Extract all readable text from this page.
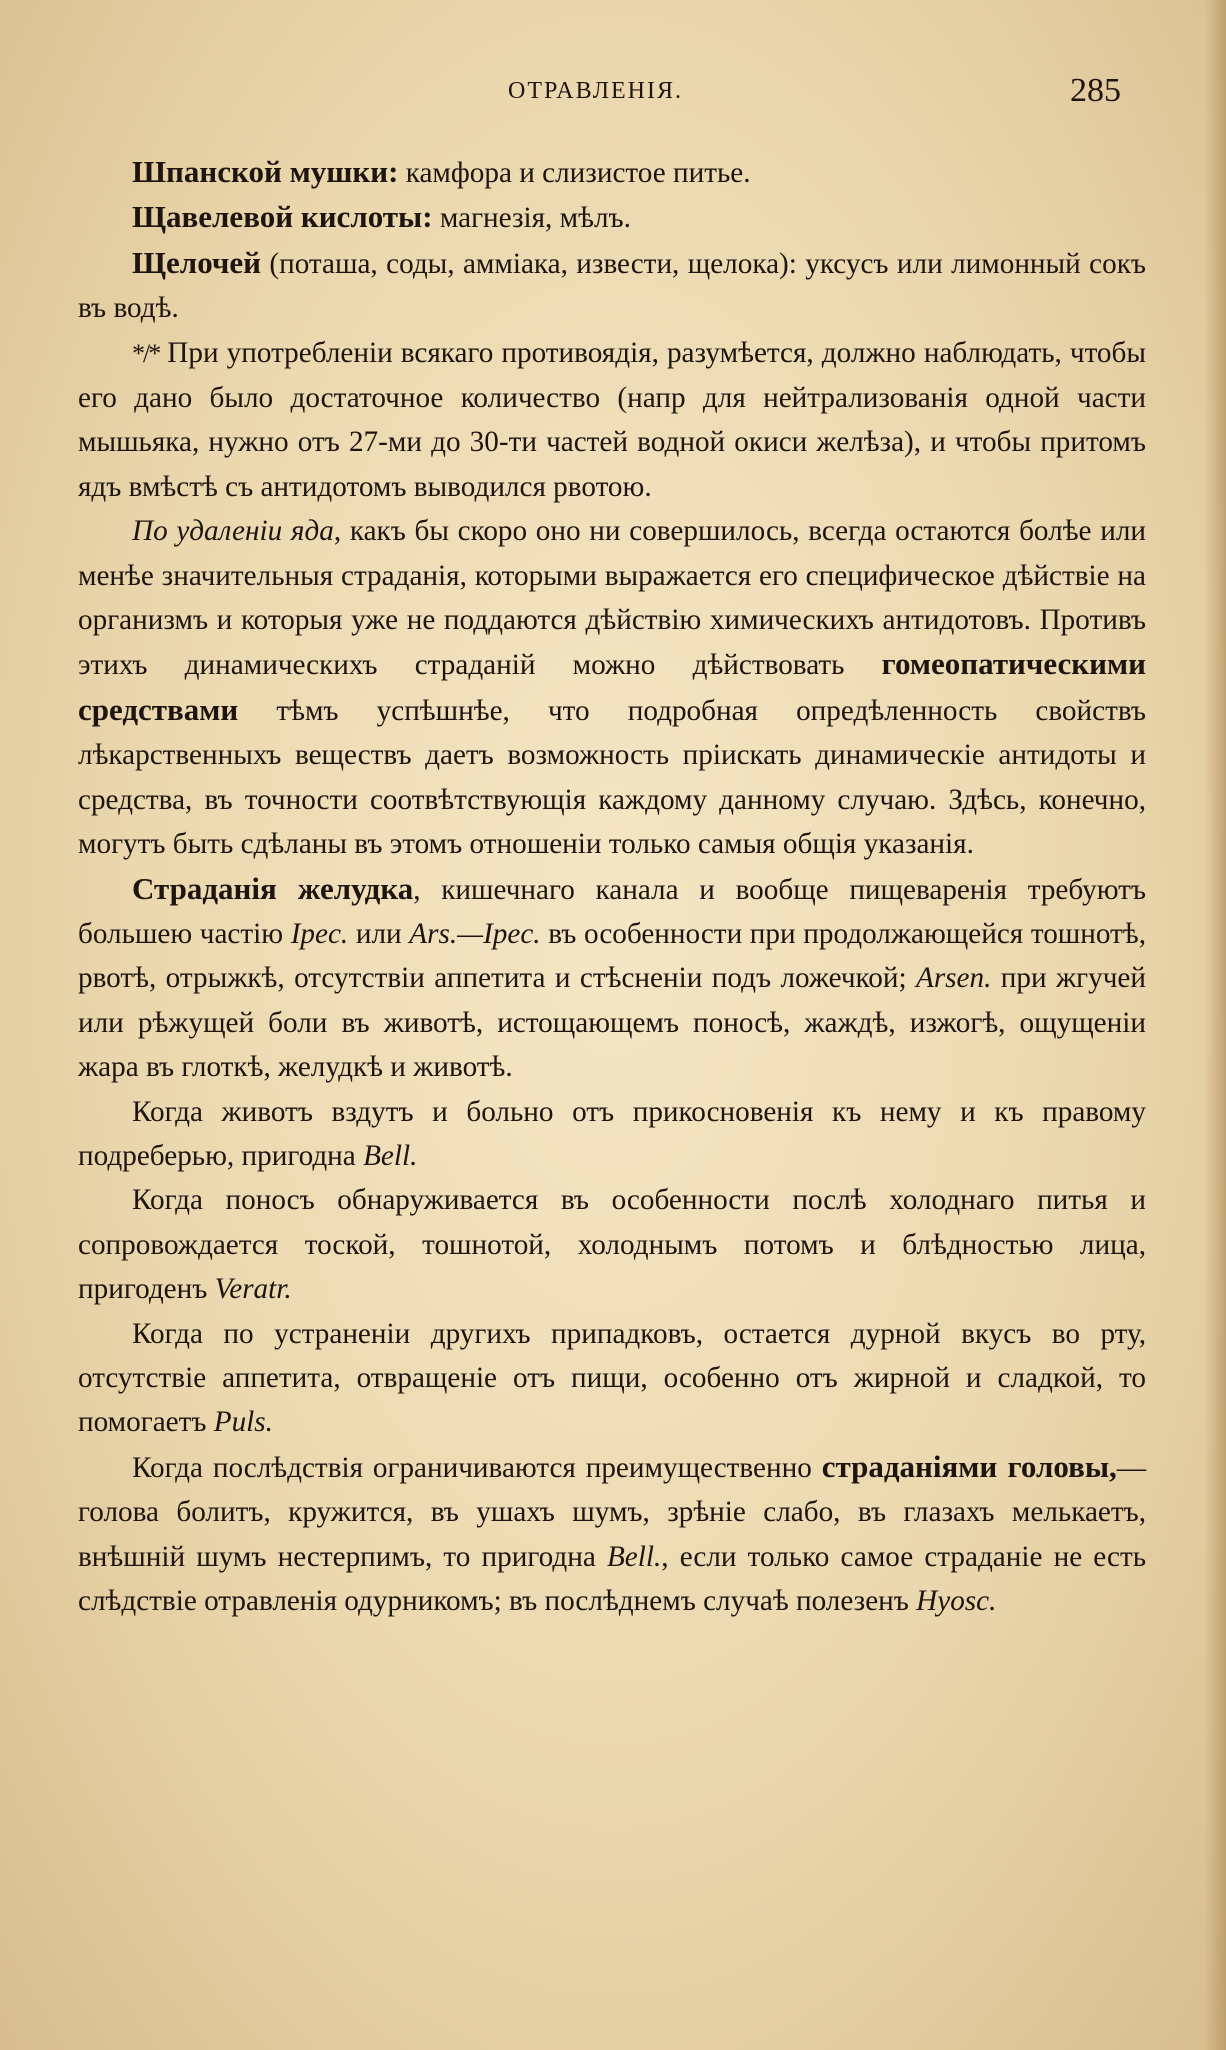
ОТРАВЛЕНІЯ.	285

Шпанской мушки: камфора и слизистое питье.

Щавелевой кислоты: магнезія, мѣлъ.

Щелочей (поташа, соды, амміака, извести, щелока): уксусъ или лимонный сокъ въ водѣ.

*/* При употребленіи всякаго противоядія, разумѣется, должно наблюдать, чтобы его дано было достаточное количество (напр для нейтрализованія одной части мышьяка, нужно отъ 27-ми до 30-ти частей водной окиси желѣза), и чтобы притомъ ядъ вмѣстѣ съ антидотомъ выводился рвотою.

По удаленіи яда, какъ бы скоро оно ни совершилось, всегда остаются болѣе или менѣе значительныя страданія, которыми выражается его специфическое дѣйствіе на организмъ и которыя уже не поддаются дѣйствію химическихъ антидотовъ. Противъ этихъ динамическихъ страданій можно дѣйствовать гомеопатическими средствами тѣмъ успѣшнѣе, что подробная опредѣленность свойствъ лѣкарственныхъ веществъ даетъ возможность пріискать динамическіе антидоты и средства, въ точности соотвѣтствующія каждому данному случаю. Здѣсь, конечно, могутъ быть сдѣланы въ этомъ отношеніи только самыя общія указанія.

Страданія желудка, кишечнаго канала и вообще пищеваренія требуютъ большею частію Ipec. или Ars.—Ipec. въ особенности при продолжающейся тошнотѣ, рвотѣ, отрыжкѣ, отсутствіи аппетита и стѣсненіи подъ ложечкой; Arsen. при жгучей или рѣжущей боли въ животѣ, истощающемъ поносѣ, жаждѣ, изжогѣ, ощущеніи жара въ глоткѣ, желудкѣ и животѣ.

Когда животъ вздутъ и больно отъ прикосновенія къ нему и къ правому подреберью, пригодна Bell.

Когда поносъ обнаруживается въ особенности послѣ холоднаго питья и сопровождается тоской, тошнотой, холоднымъ потомъ и блѣдностью лица, пригоденъ Veratr.

Когда по устраненіи другихъ припадковъ, остается дурной вкусъ во рту, отсутствіе аппетита, отвращеніе отъ пищи, особенно отъ жирной и сладкой, то помогаетъ Puls.

Когда послѣдствія ограничиваются преимущественно страданіями головы,—голова болитъ, кружится, въ ушахъ шумъ, зрѣніе слабо, въ глазахъ мелькаетъ, внѣшній шумъ нестерпимъ, то пригодна Bell., если только самое страданіе не есть слѣдствіе отравленія одурникомъ; въ послѣднемъ случаѣ полезенъ Hyosc.
